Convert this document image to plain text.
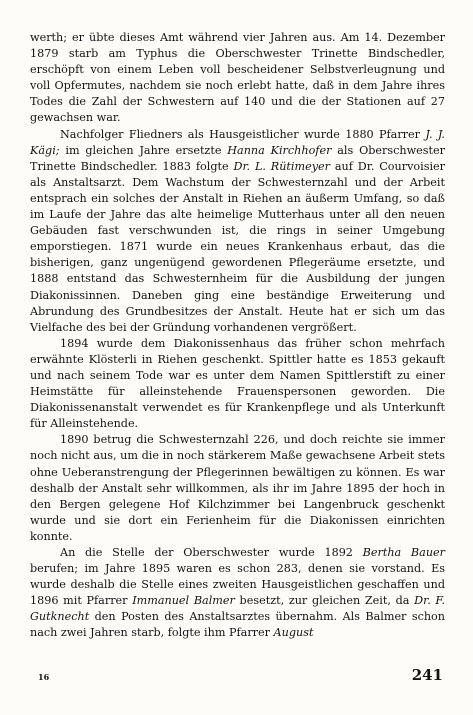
werth; er übte dieses Amt während vier Jahren aus. Am 14. Dezember 1879 starb am Typhus die Oberschwester Trinette Bindschedler, erschöpft von einem Leben voll bescheidener Selbstverleugnung und voll Opfermutes, nachdem sie noch erlebt hatte, daß in dem Jahre ihres Todes die Zahl der Schwestern auf 140 und die der Stationen auf 27 gewachsen war.

Nachfolger Fliedners als Hausgeistlicher wurde 1880 Pfarrer J. J. Kägi; im gleichen Jahre ersetzte Hanna Kirchhofer als Oberschwester Trinette Bindschedler. 1883 folgte Dr. L. Rütimeyer auf Dr. Courvoisier als Anstaltsarzt. Dem Wachstum der Schwesternzahl und der Arbeit entsprach ein solches der Anstalt in Riehen an äußerm Umfang, so daß im Laufe der Jahre das alte heimelige Mutterhaus unter all den neuen Gebäuden fast verschwunden ist, die rings in seiner Umgebung emporstiegen. 1871 wurde ein neues Krankenhaus erbaut, das die bisherigen, ganz ungenügend gewordenen Pflegeräume ersetzte, und 1888 entstand das Schwesternheim für die Ausbildung der jungen Diakonissinnen. Daneben ging eine beständige Erweiterung und Abrundung des Grundbesitzes der Anstalt. Heute hat er sich um das Vielfache des bei der Gründung vorhandenen vergrößert.

1894 wurde dem Diakonissenhaus das früher schon mehrfach erwähnte Klösterli in Riehen geschenkt. Spittler hatte es 1853 gekauft und nach seinem Tode war es unter dem Namen Spittlerstift zu einer Heimstätte für alleinstehende Frauenspersonen geworden. Die Diakonissenanstalt verwendet es für Krankenpflege und als Unterkunft für Alleinstehende.

1890 betrug die Schwesternzahl 226, und doch reichte sie immer noch nicht aus, um die in noch stärkerem Maße gewachsene Arbeit stets ohne Ueberanstrengung der Pflegerinnen bewältigen zu können. Es war deshalb der Anstalt sehr willkommen, als ihr im Jahre 1895 der hoch in den Bergen gelegene Hof Kilchzimmer bei Langenbruck geschenkt wurde und sie dort ein Ferienheim für die Diakonissen einrichten konnte.

An die Stelle der Oberschwester wurde 1892 Bertha Bauer berufen; im Jahre 1895 waren es schon 283, denen sie vorstand. Es wurde deshalb die Stelle eines zweiten Hausgeistlichen geschaffen und 1896 mit Pfarrer Immanuel Balmer besetzt, zur gleichen Zeit, da Dr. F. Gutknecht den Posten des Anstaltsarztes übernahm. Als Balmer schon nach zwei Jahren starb, folgte ihm Pfarrer August

16	241
